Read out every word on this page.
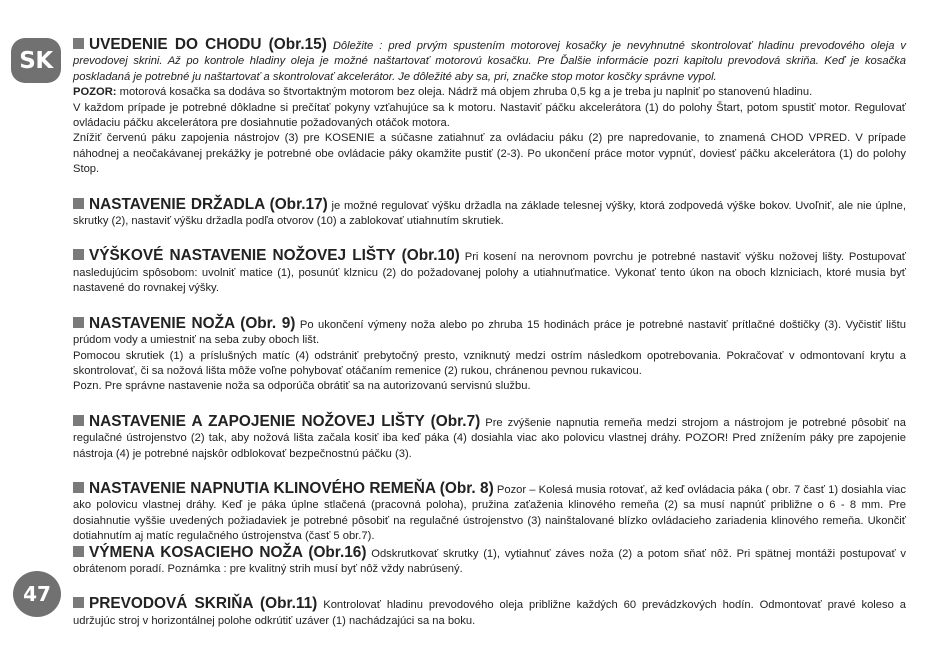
SK
47

UVEDENIE DO CHODU (Obr.15) Dôležite : pred prvým spustením motorovej kosačky je nevyhnutné skontrolovať hladinu prevodového oleja v prevodovej skrini. Až po kontrole hladiny oleja je možné naštartovať motorovú kosačku. Pre Ďalšie informácie pozri kapitolu prevodová skriňa. Keď je kosačka poskladaná je potrebné ju naštartovať a skontrolovať akcelerátor. Je dôležité aby sa, pri, značke stop motor kosčky správne vypol.
POZOR: motorová kosačka sa dodáva so štvortaktným motorom bez oleja. Nádrž má objem zhruba 0,5 kg a je treba ju naplniť po stanovenú hladinu.
V každom prípade je potrebné dôkladne si prečítať pokyny vzťahujúce sa k motoru. Nastaviť páčku akcelerátora (1) do polohy Štart, potom spustiť motor. Regulovať ovládaciu páčku akcelerátora pre dosiahnutie požadovaných otáčok motora.
Znížiť červenú páku zapojenia nástrojov (3) pre KOSENIE a súčasne zatiahnuť za ovládaciu páku (2) pre napredovanie, to znamená CHOD VPRED. V prípade náhodnej a neočakávanej prekážky je potrebné obe ovládacie páky okamžite pustiť (2-3). Po ukončení práce motor vypnúť, doviesť páčku akcelerátora (1) do polohy Stop.

NASTAVENIE DRŽADLA (Obr.17) je možné regulovať výšku držadla na základe telesnej výšky, ktorá zodpovedá výške bokov. Uvoľniť, ale nie úplne, skrutky (2), nastaviť výšku držadla podľa otvorov (10) a zablokovať utiahnutím skrutiek.

VÝŠKOVÉ NASTAVENIE NOŽOVEJ LIŠTY (Obr.10) Pri kosení na nerovnom povrchu je potrebné nastaviť výšku nožovej lišty. Postupovať nasledujúcim spôsobom: uvolniť matice (1), posunúť klznicu (2) do požadovanej polohy a utiahnuťmatice. Vykonať tento úkon na oboch klzniciach, ktoré musia byť nastavené do rovnakej výšky.

NASTAVENIE NOŽA (Obr. 9) Po ukončení výmeny noža alebo po zhruba 15 hodinách práce je potrebné nastaviť prítlačné doštičky (3). Vyčistiť lištu prúdom vody a umiestniť na seba zuby oboch lišt.
Pomocou skrutiek (1) a príslušných matíc (4) odstrániť prebytočný presto, vzniknutý medzi ostrím následkom opotrebovania. Pokračovať v odmontovaní krytu a skontrolovať, či sa nožová lišta môže voľne pohybovať otáčaním remenice (2) rukou, chránenou pevnou rukavicou.
Pozn. Pre správne nastavenie noža sa odporúča obrátiť sa na autorizovanú servisnú službu.

NASTAVENIE A ZAPOJENIE NOŽOVEJ LIŠTY (Obr.7) Pre zvýšenie napnutia remeňa medzi strojom a nástrojom je potrebné pôsobiť na regulačné ústrojenstvo (2) tak, aby nožová lišta začala kosiť iba keď páka (4) dosiahla viac ako polovicu vlastnej dráhy. POZOR! Pred znížením páky pre zapojenie nástroja (4) je potrebné najskôr odblokovať bezpečnostnú páčku (3).

NASTAVENIE NAPNUTIA KLINOVÉHO REMEŇA (Obr. 8) Pozor – Kolesá musia rotovať, až keď ovládacia páka ( obr. 7 časť 1) dosiahla viac ako polovicu vlastnej dráhy. Keď je páka úplne stlačená (pracovná poloha), pružina zaťaženia klinového remeňa (2) sa musí napnúť približne o 6 - 8 mm. Pre dosiahnutie vyššie uvedených požiadaviek je potrebné pôsobiť na regulačné ústrojenstvo (3) nainštalované blízko ovládacieho zariadenia klinového remeňa. Ukončiť dotiahnutím aj matíc regulačného ústrojenstva (časť 5 obr.7).

VÝMENA KOSACIEHO NOŽA (Obr.16) Odskrutkovať skrutky (1), vytiahnuť záves noža (2) a potom sňať nôž. Pri spätnej montáži postupovať v obrátenom poradí. Poznámka : pre kvalitný strih musí byť nôž vždy nabrúsený.

PREVODOVÁ SKRIŇA (Obr.11) Kontrolovať hladinu prevodového oleja približne každých 60 prevádzkových hodín. Odmontovať pravé koleso a udržujúc stroj v horizontálnej polohe odkrútiť uzáver (1) nachádzajúci sa na boku.
